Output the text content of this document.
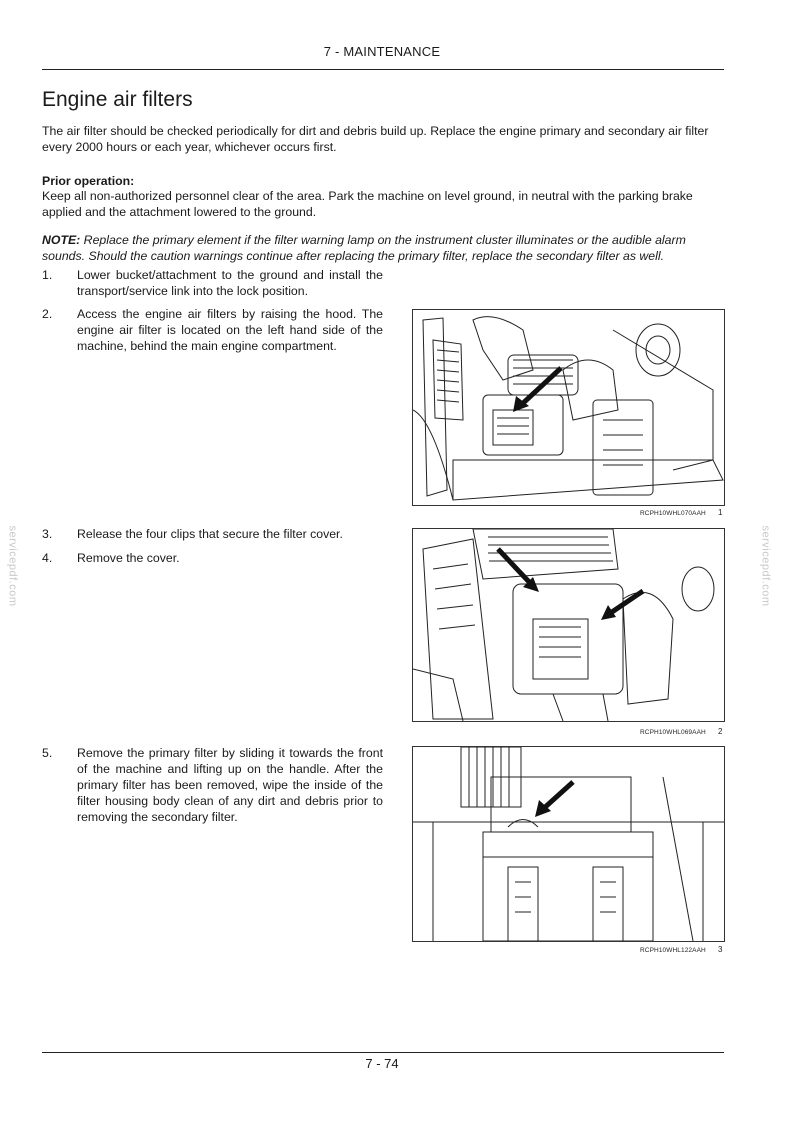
7 - MAINTENANCE
Engine air filters

The air filter should be checked periodically for dirt and debris build up. Replace the engine primary and secondary air filter every 2000 hours or each year, whichever occurs first.

Prior operation:

Keep all non-authorized personnel clear of the area. Park the machine on level ground, in neutral with the parking brake applied and the attachment lowered to the ground.

NOTE: Replace the primary element if the filter warning lamp on the instrument cluster illuminates or the audible alarm sounds. Should the caution warnings continue after replacing the primary filter, replace the secondary filter as well.

1.	Lower bucket/attachment to the ground and install the transport/service link into the lock position.
2.	Access the engine air filters by raising the hood. The engine air filter is located on the left hand side of the machine, behind the main engine compartment.
3.	Release the four clips that secure the filter cover.
4.	Remove the cover.
5.	Remove the primary filter by sliding it towards the front of the machine and lifting up on the handle. After the primary filter has been removed, wipe the inside of the filter housing body clean of any dirt and debris prior to removing the secondary filter.
RCPH10WHL070AAH 1
RCPH10WHL069AAH 2
RCPH10WHL122AAH 3
servicepdf.com	servicepdf.com
7 - 74
